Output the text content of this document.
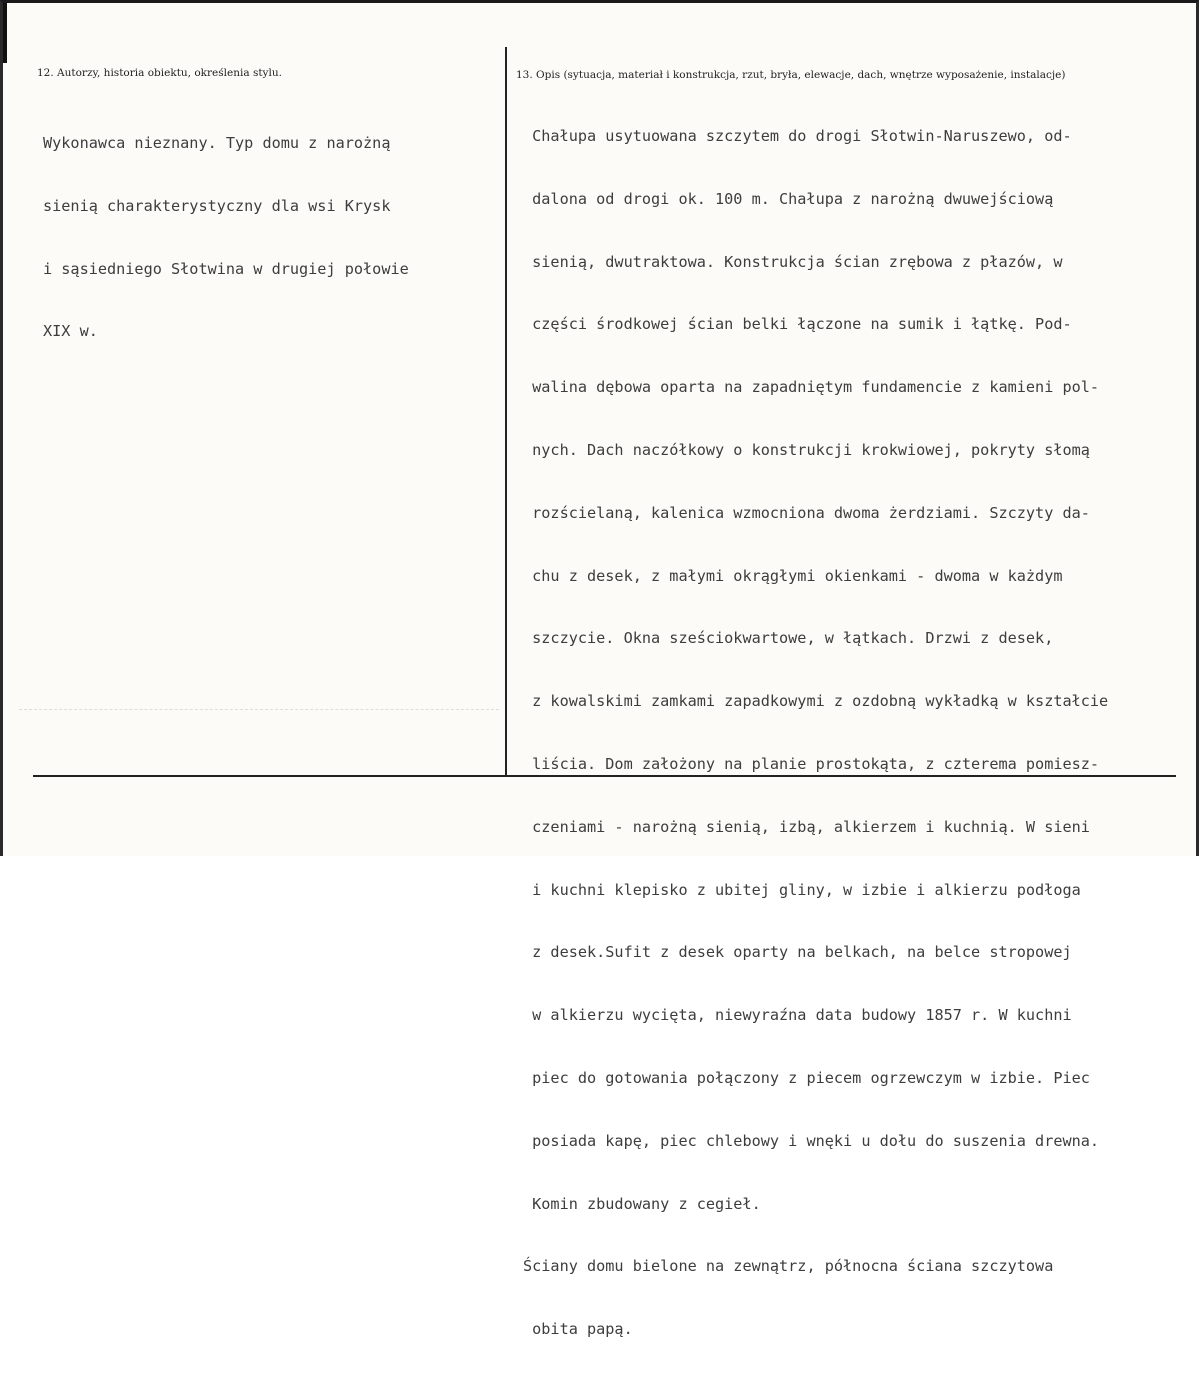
12. Autorzy, historia obiektu, określenia stylu.	13. Opis (sytuacja, materiał i konstrukcja, rzut, bryła, elewacje, dach, wnętrze wyposażenie, instalacje)

Wykonawca nieznany. Typ domu z narożną

sienią charakterystyczny dla wsi Krysk

i sąsiedniego Słotwina w drugiej połowie

XIX w.

Chałupa usytuowana szczytem do drogi Słotwin-Naruszewo, od-

dalona od drogi ok. 100 m. Chałupa z narożną dwuwejściową

sienią, dwutraktowa. Konstrukcja ścian zrębowa z płazów, w

części środkowej ścian belki łączone na sumik i łątkę. Pod-

walina dębowa oparta na zapadniętym fundamencie z kamieni pol-

nych. Dach naczółkowy o konstrukcji krokwiowej, pokryty słomą

rozścielaną, kalenica wzmocniona dwoma żerdziami. Szczyty da-

chu z desek, z małymi okrągłymi okienkami - dwoma w każdym

szczycie. Okna sześciokwartowe, w łątkach. Drzwi z desek,

z kowalskimi zamkami zapadkowymi z ozdobną wykładką w kształcie

liścia. Dom założony na planie prostokąta, z czterema pomiesz-

czeniami - narożną sienią, izbą, alkierzem i kuchnią. W sieni

i kuchni klepisko z ubitej gliny, w izbie i alkierzu podłoga

z desek.Sufit z desek oparty na belkach, na belce stropowej

w alkierzu wycięta, niewyraźna data budowy 1857 r. W kuchni

piec do gotowania połączony z piecem ogrzewczym w izbie. Piec

posiada kapę, piec chlebowy i wnęki u dołu do suszenia drewna.

Komin zbudowany z cegieł.

Ściany domu bielone na zewnątrz, północna ściana szczytowa

obita papą.
